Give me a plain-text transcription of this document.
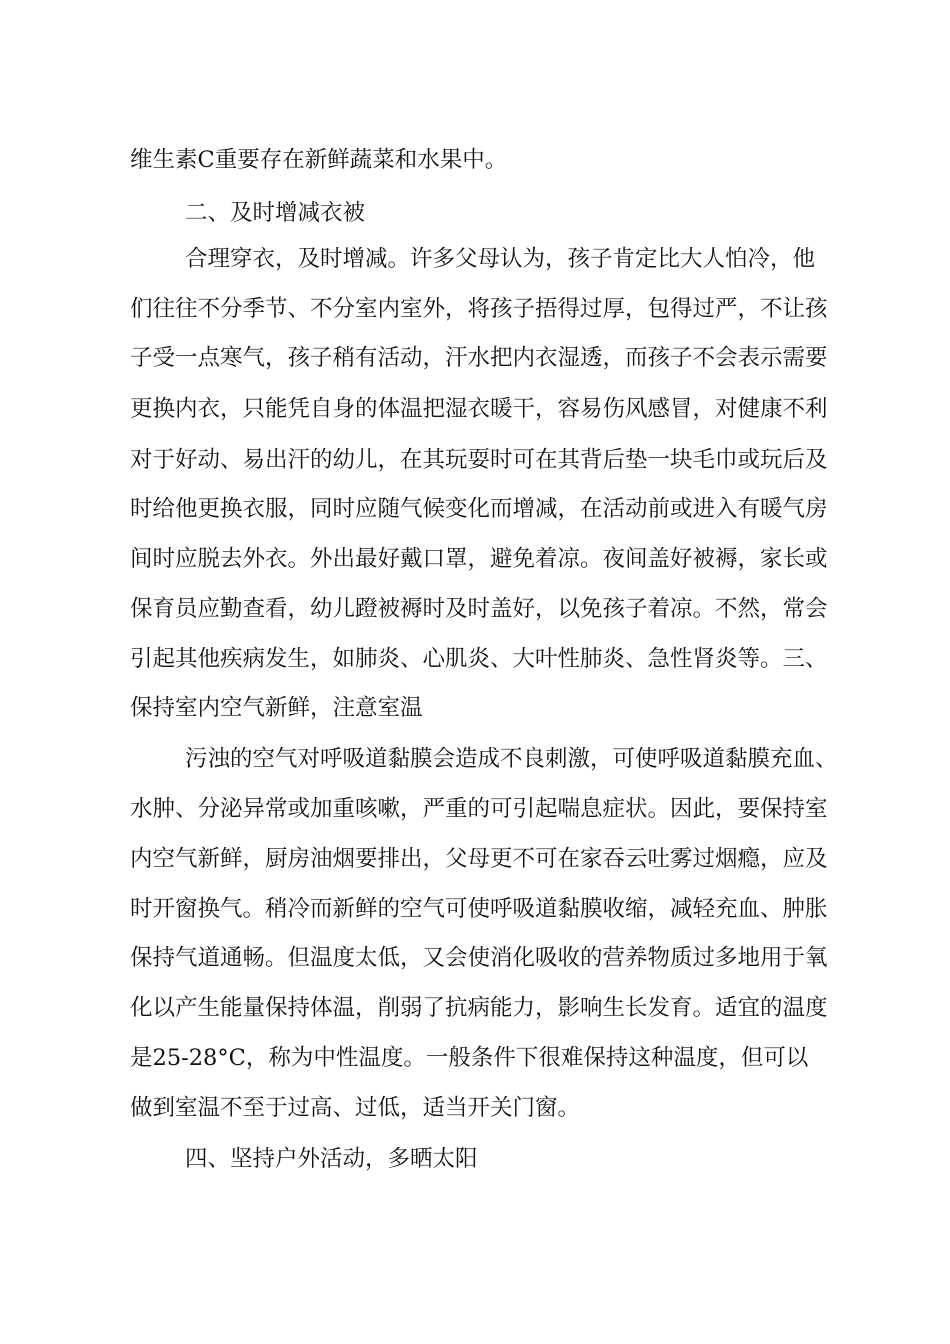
维生素C重要存在新鲜蔬菜和水果中。

二、及时增减衣被

合理穿衣，及时增减。许多父母认为，孩子肯定比大人怕冷，他

们往往不分季节、不分室内室外，将孩子捂得过厚，包得过严，不让孩

子受一点寒气，孩子稍有活动，汗水把内衣湿透，而孩子不会表示需要

更换内衣，只能凭自身的体温把湿衣暖干，容易伤风感冒，对健康不利

对于好动、易出汗的幼儿，在其玩耍时可在其背后垫一块毛巾或玩后及

时给他更换衣服，同时应随气候变化而增减，在活动前或进入有暖气房

间时应脱去外衣。外出最好戴口罩，避免着凉。夜间盖好被褥，家长或

保育员应勤查看，幼儿蹬被褥时及时盖好，以免孩子着凉。不然，常会

引起其他疾病发生，如肺炎、心肌炎、大叶性肺炎、急性肾炎等。三、

保持室内空气新鲜，注意室温

污浊的空气对呼吸道黏膜会造成不良刺激，可使呼吸道黏膜充血、

水肿、分泌异常或加重咳嗽，严重的可引起喘息症状。因此，要保持室

内空气新鲜，厨房油烟要排出，父母更不可在家吞云吐雾过烟瘾，应及

时开窗换气。稍冷而新鲜的空气可使呼吸道黏膜收缩，减轻充血、肿胀

保持气道通畅。但温度太低，又会使消化吸收的营养物质过多地用于氧

化以产生能量保持体温，削弱了抗病能力，影响生长发育。适宜的温度

是25-28°C，称为中性温度。一般条件下很难保持这种温度，但可以

做到室温不至于过高、过低，适当开关门窗。

四、坚持户外活动，多晒太阳
